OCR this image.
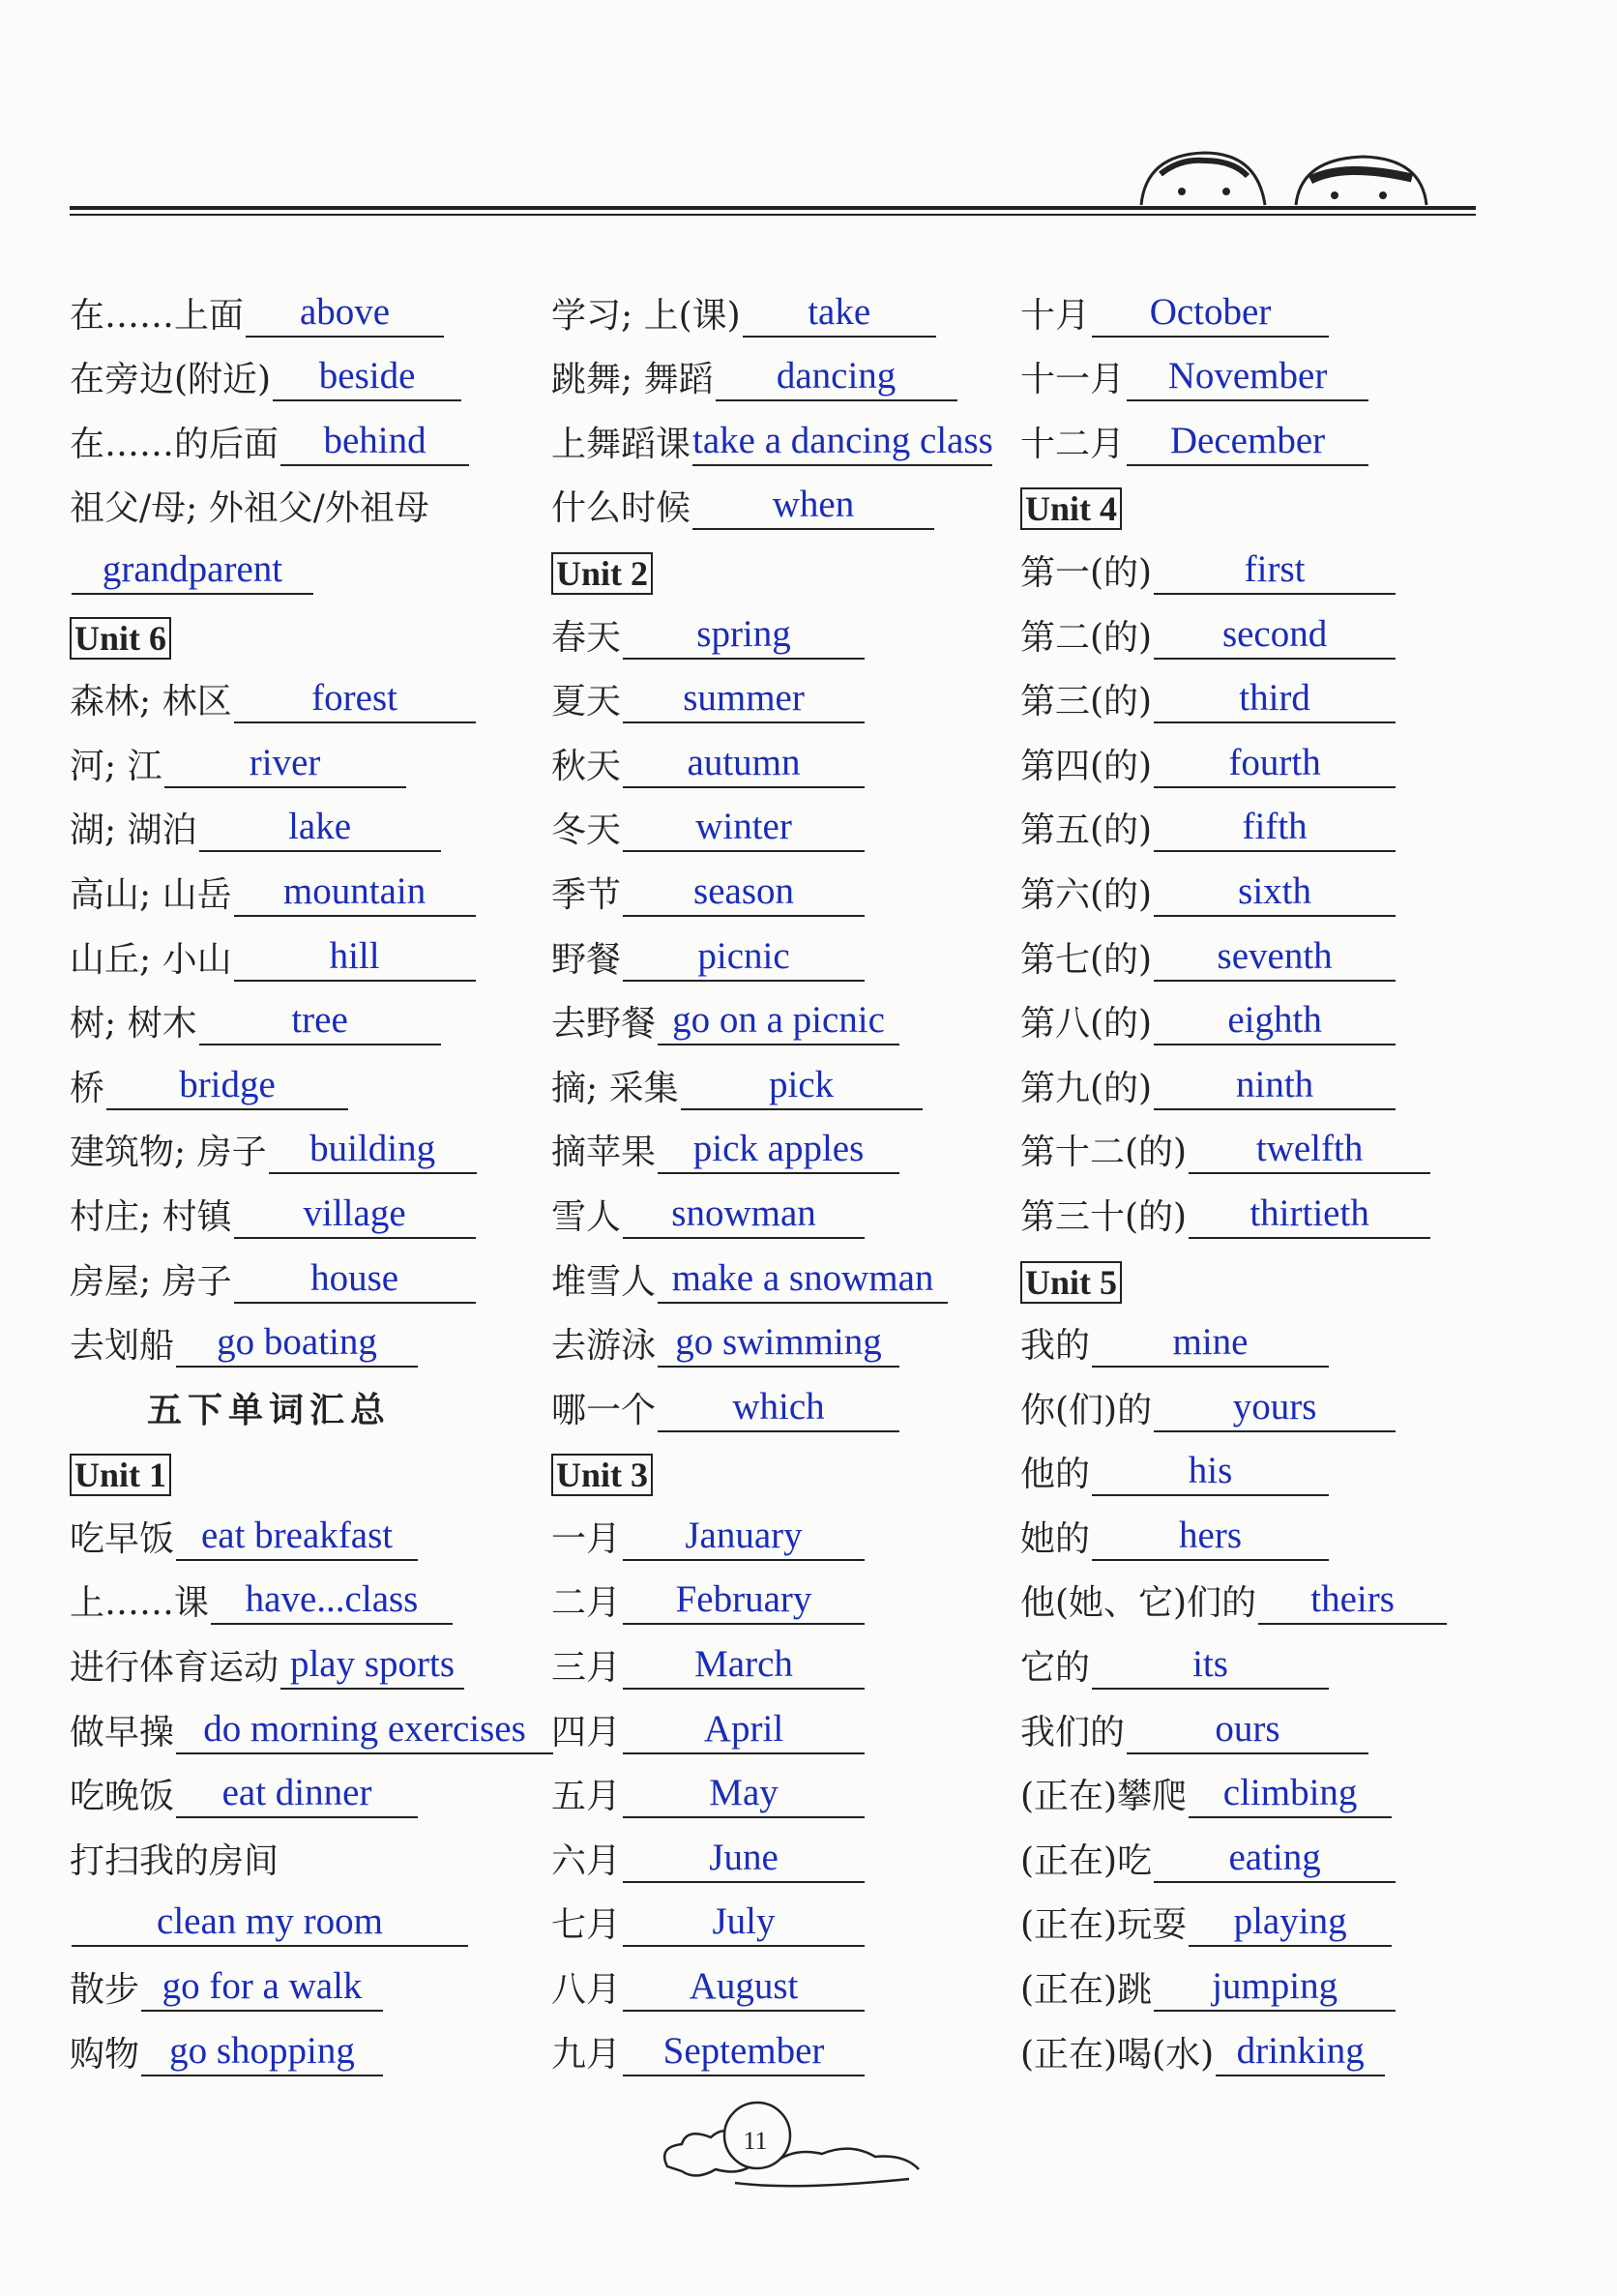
在……上面	above
在旁边(附近)	beside
在……的后面	behind
祖父/母; 外祖父/外祖母
grandparent
Unit 6
森林; 林区	forest
河; 江	river
湖; 湖泊	lake
高山; 山岳	mountain
山丘; 小山	hill
树; 树木	tree
桥	bridge
建筑物; 房子	building
村庄; 村镇	village
房屋; 房子	house
去划船	go boating
五下单词汇总
Unit 1
吃早饭 eat breakfast
上……课 have...class
进行体育运动 play sports
做早操 do morning exercises
吃晚饭	eat dinner
打扫我的房间
clean my room
散步 go for a walk
购物 go shopping
学习; 上(课)	take
跳舞; 舞蹈	dancing
上舞蹈课 take a dancing class
什么时候	when
Unit 2
春天	spring
夏天	summer
秋天	autumn
冬天	winter
季节	season
野餐	picnic
去野餐 go on a picnic
摘; 采集	pick
摘苹果 pick apples
雪人	snowman
堆雪人 make a snowman
去游泳 go swimming
哪一个	which
Unit 3
一月	January
二月	February
三月	March
四月	April
五月	May
六月	June
七月	July
八月	August
九月	September
十月	October
十一月	November
十二月	December
Unit 4
第一(的)	first
第二(的)	second
第三(的)	third
第四(的)	fourth
第五(的)	fifth
第六(的)	sixth
第七(的)	seventh
第八(的)	eighth
第九(的)	ninth
第十二(的)	twelfth
第三十(的)	thirtieth
Unit 5
我的	mine
你(们)的	yours
他的	his
她的	hers
他(她、它)们的	theirs
它的	its
我们的	ours
(正在)攀爬 climbing
(正在)吃	eating
(正在)玩耍	playing
(正在)跳	jumping
(正在)喝(水) drinking
11
